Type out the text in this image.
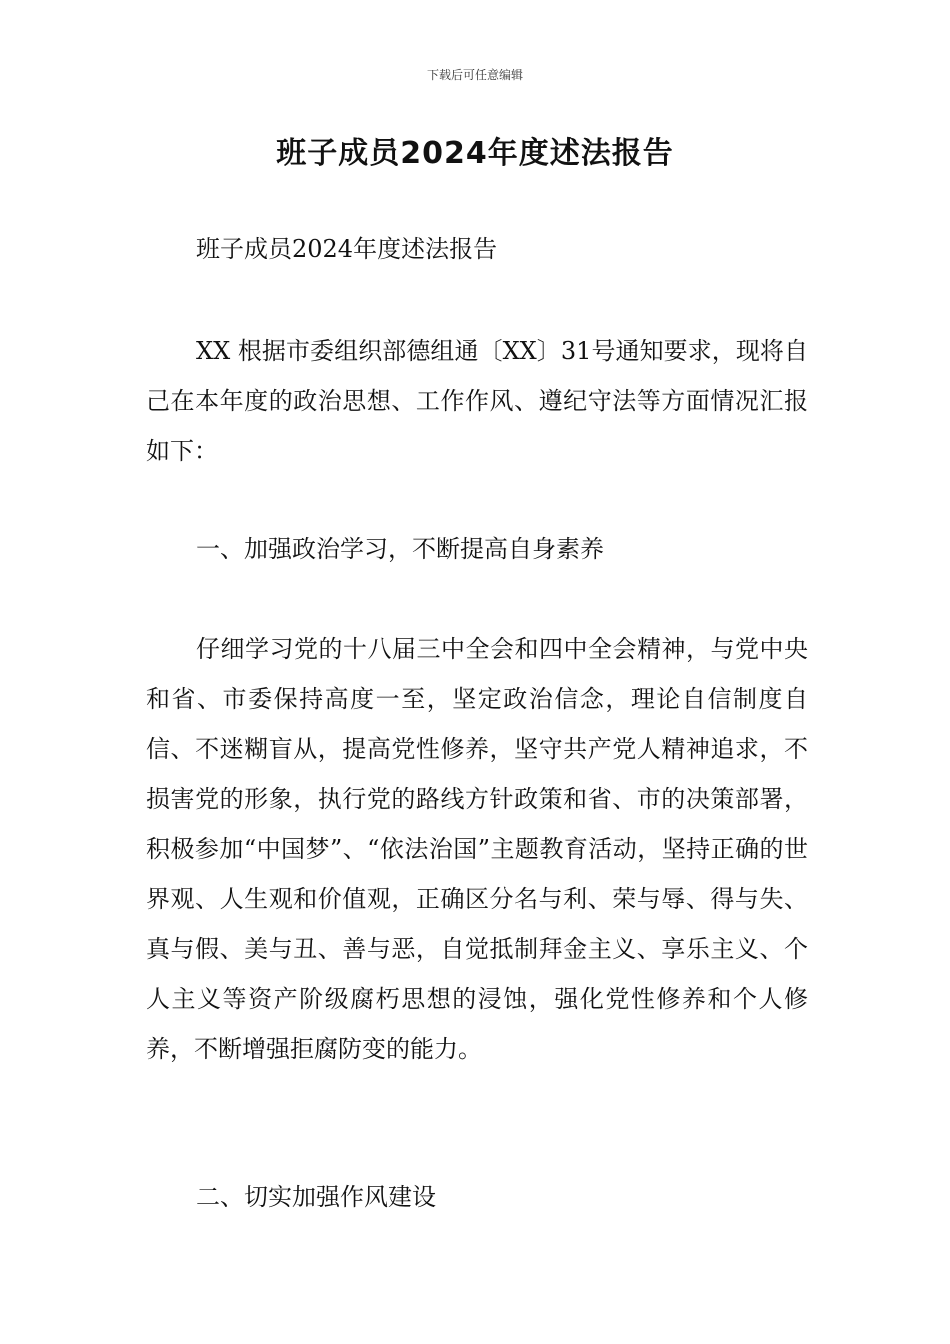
下载后可任意编辑
班子成员2024年度述法报告

班子成员2024年度述法报告

XX 根据市委组织部德组通〔XX〕31号通知要求，现将自己在本年度的政治思想、工作作风、遵纪守法等方面情况汇报如下：

一、加强政治学习，不断提高自身素养

仔细学习党的十八届三中全会和四中全会精神，与党中央和省、市委保持高度一至，坚定政治信念，理论自信制度自信、不迷糊盲从，提高党性修养，坚守共产党人精神追求，不损害党的形象，执行党的路线方针政策和省、市的决策部署，积极参加“中国梦”、“依法治国”主题教育活动，坚持正确的世界观、人生观和价值观，正确区分名与利、荣与辱、得与失、真与假、美与丑、善与恶，自觉抵制拜金主义、享乐主义、个人主义等资产阶级腐朽思想的浸蚀，强化党性修养和个人修养，不断增强拒腐防变的能力。

二、切实加强作风建设
